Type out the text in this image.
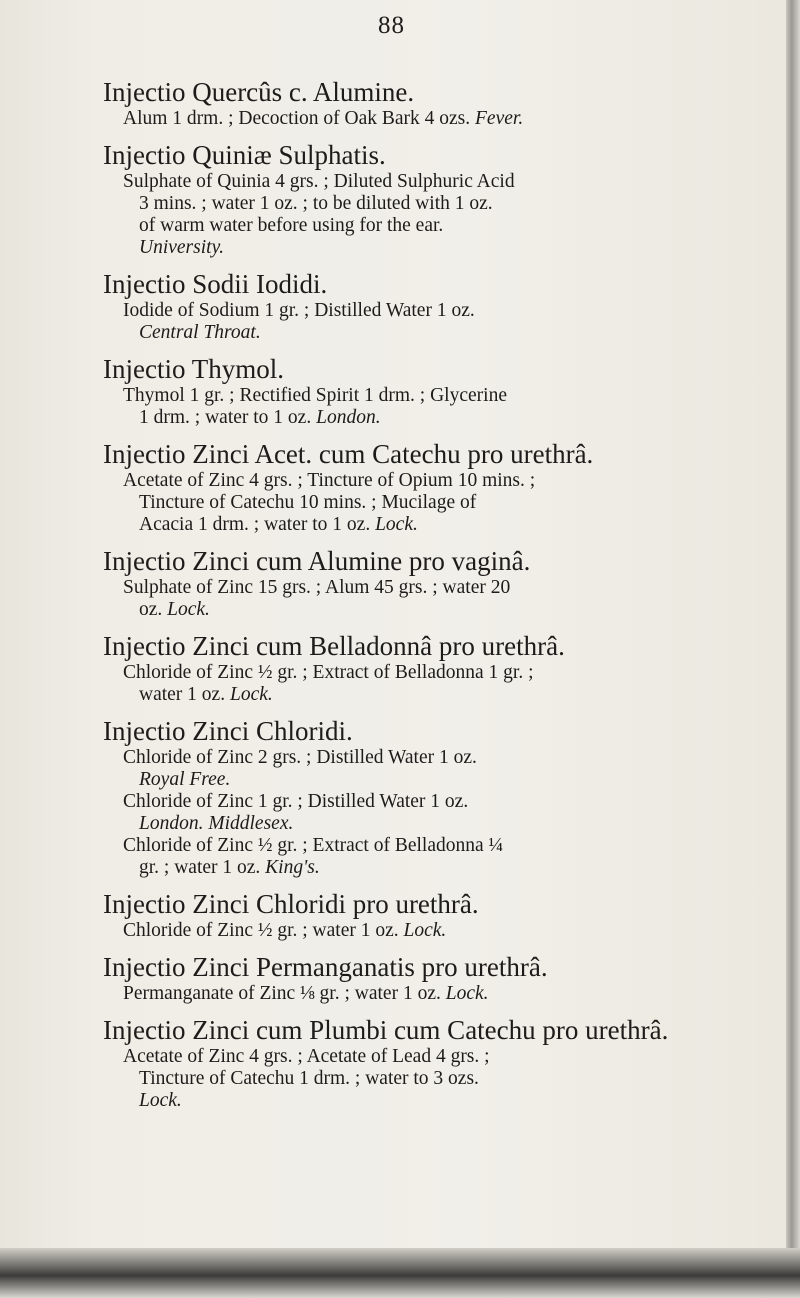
88
Injectio Quercûs c. Alumine.
Alum 1 drm. ; Decoction of Oak Bark 4 ozs. Fever.
Injectio Quiniæ Sulphatis.
Sulphate of Quinia 4 grs. ; Diluted Sulphuric Acid
3 mins. ; water 1 oz. ; to be diluted with 1 oz.
of warm water before using for the ear.
University.
Injectio Sodii Iodidi.
Iodide of Sodium 1 gr. ; Distilled Water 1 oz.
Central Throat.
Injectio Thymol.
Thymol 1 gr. ; Rectified Spirit 1 drm. ; Glycerine
1 drm. ; water to 1 oz. London.
Injectio Zinci Acet. cum Catechu pro urethrâ.
Acetate of Zinc 4 grs. ; Tincture of Opium 10 mins. ;
Tincture of Catechu 10 mins. ; Mucilage of
Acacia 1 drm. ; water to 1 oz. Lock.
Injectio Zinci cum Alumine pro vaginâ.
Sulphate of Zinc 15 grs. ; Alum 45 grs. ; water 20
oz. Lock.
Injectio Zinci cum Belladonnâ pro urethrâ.
Chloride of Zinc ½ gr. ; Extract of Belladonna 1 gr. ;
water 1 oz. Lock.
Injectio Zinci Chloridi.
Chloride of Zinc 2 grs. ; Distilled Water 1 oz.
Royal Free.
Chloride of Zinc 1 gr. ; Distilled Water 1 oz.
London. Middlesex.
Chloride of Zinc ½ gr. ; Extract of Belladonna ¼
gr. ; water 1 oz. King's.
Injectio Zinci Chloridi pro urethrâ.
Chloride of Zinc ½ gr. ; water 1 oz. Lock.
Injectio Zinci Permanganatis pro urethrâ.
Permanganate of Zinc ⅛ gr. ; water 1 oz. Lock.
Injectio Zinci cum Plumbi cum Catechu pro urethrâ.
Acetate of Zinc 4 grs. ; Acetate of Lead 4 grs. ;
Tincture of Catechu 1 drm. ; water to 3 ozs.
Lock.
